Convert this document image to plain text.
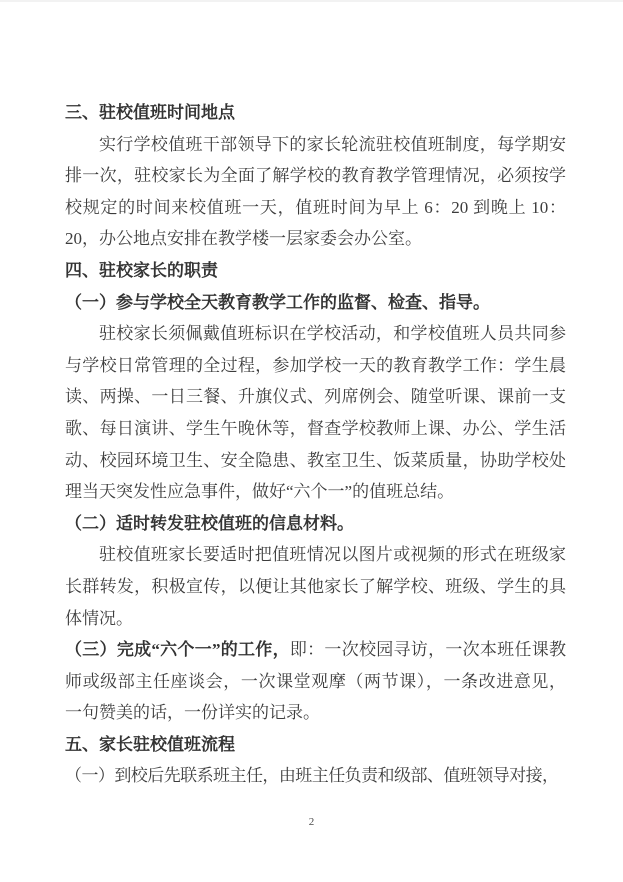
三、驻校值班时间地点

实行学校值班干部领导下的家长轮流驻校值班制度，每学期安排一次，驻校家长为全面了解学校的教育教学管理情况，必须按学校规定的时间来校值班一天，值班时间为早上 6：20 到晚上 10：20，办公地点安排在教学楼一层家委会办公室。

四、驻校家长的职责

（一）参与学校全天教育教学工作的监督、检查、指导。

驻校家长须佩戴值班标识在学校活动，和学校值班人员共同参与学校日常管理的全过程，参加学校一天的教育教学工作：学生晨读、两操、一日三餐、升旗仪式、列席例会、随堂听课、课前一支歌、每日演讲、学生午晚休等，督查学校教师上课、办公、学生活动、校园环境卫生、安全隐患、教室卫生、饭菜质量，协助学校处理当天突发性应急事件，做好“六个一”的值班总结。

（二）适时转发驻校值班的信息材料。

驻校值班家长要适时把值班情况以图片或视频的形式在班级家长群转发，积极宣传，以便让其他家长了解学校、班级、学生的具体情况。

（三）完成“六个一”的工作，即：一次校园寻访，一次本班任课教师或级部主任座谈会，一次课堂观摩（两节课），一条改进意见，一句赞美的话，一份详实的记录。

五、家长驻校值班流程

（一）到校后先联系班主任，由班主任负责和级部、值班领导对接，

2
